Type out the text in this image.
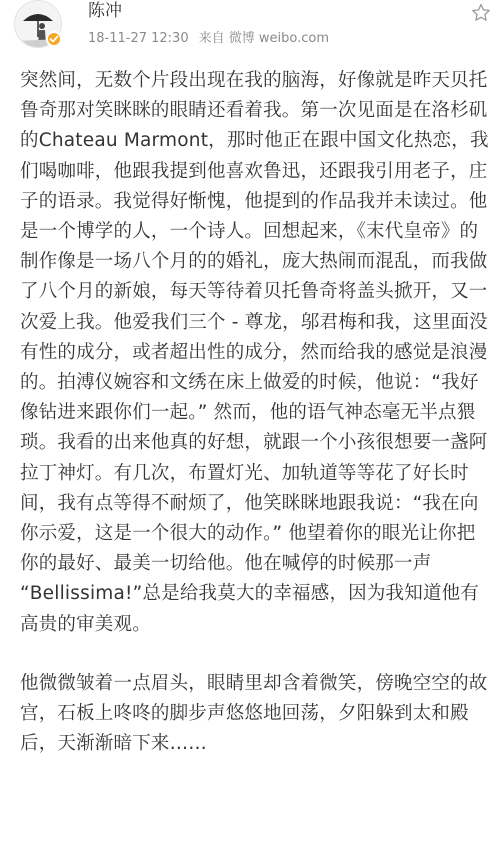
陈冲
18-11-27 12:30 来自 微博 weibo.com

突然间，无数个片段出现在我的脑海，好像就是昨天贝托鲁奇那对笑眯眯的眼睛还看着我。第一次见面是在洛杉矶的Chateau Marmont，那时他正在跟中国文化热恋，我们喝咖啡，他跟我提到他喜欢鲁迅，还跟我引用老子，庄子的语录。我觉得好惭愧，他提到的作品我并未读过。他是一个博学的人，一个诗人。回想起来，《末代皇帝》的制作像是一场八个月的的婚礼，庞大热闹而混乱，而我做了八个月的新娘，每天等待着贝托鲁奇将盖头掀开，又一次爱上我。他爱我们三个 - 尊龙，邬君梅和我，这里面没有性的成分，或者超出性的成分，然而给我的感觉是浪漫的。拍溥仪婉容和文绣在床上做爱的时候，他说：“我好像钻进来跟你们一起。” 然而，他的语气神态毫无半点猥琐。我看的出来他真的好想，就跟一个小孩很想要一盏阿拉丁神灯。有几次，布置灯光、加轨道等等花了好长时间，我有点等得不耐烦了，他笑眯眯地跟我说：“我在向你示爱，这是一个很大的动作。” 他望着你的眼光让你把你的最好、最美一切给他。他在喊停的时候那一声 “Bellissima!”总是给我莫大的幸福感，因为我知道他有高贵的审美观。

他微微皱着一点眉头，眼睛里却含着微笑，傍晚空空的故宫，石板上咚咚的脚步声悠悠地回荡，夕阳躲到太和殿后，天渐渐暗下来……
